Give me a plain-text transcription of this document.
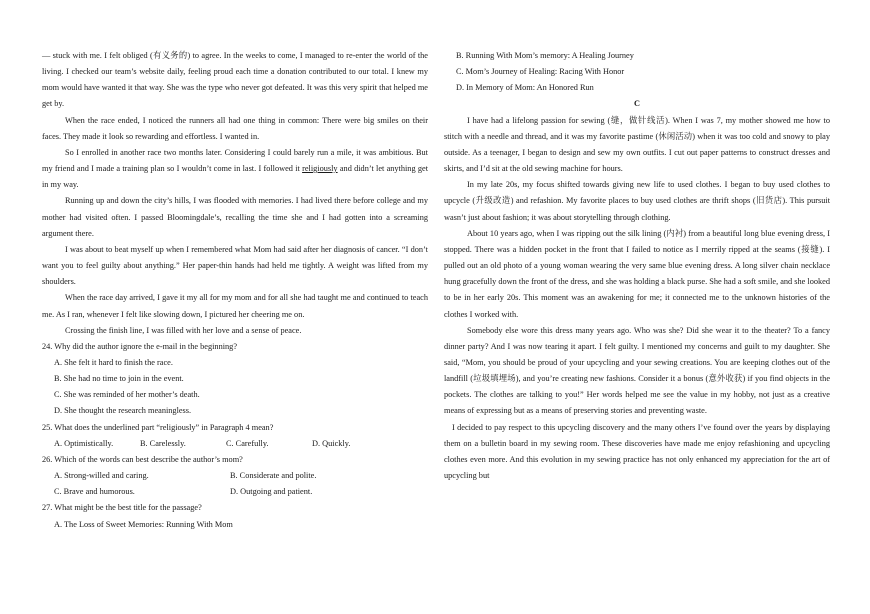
— stuck with me. I felt obliged (有义务的) to agree. In the weeks to come, I managed to re-enter the world of the living. I checked our team’s website daily, feeling proud each time a donation contributed to our total. I knew my mom would have wanted it that way. She was the type who never got defeated. It was this very spirit that helped me get by.

When the race ended, I noticed the runners all had one thing in common: There were big smiles on their faces. They made it look so rewarding and effortless. I wanted in.

So I enrolled in another race two months later. Considering I could barely run a mile, it was ambitious. But my friend and I made a training plan so I wouldn’t come in last. I followed it religiously and didn’t let anything get in my way.

Running up and down the city’s hills, I was flooded with memories. I had lived there before college and my mother had visited often. I passed Bloomingdale’s, recalling the time she and I had gotten into a screaming argument there.

I was about to beat myself up when I remembered what Mom had said after her diagnosis of cancer. “I don’t want you to feel guilty about anything.” Her paper-thin hands had held me tightly. A weight was lifted from my shoulders.

When the race day arrived, I gave it my all for my mom and for all she had taught me and continued to teach me. As I ran, whenever I felt like slowing down, I pictured her cheering me on.

Crossing the finish line, I was filled with her love and a sense of peace.

24. Why did the author ignore the e-mail in the beginning?

A. She felt it hard to finish the race.

B. She had no time to join in the event.

C. She was reminded of her mother’s death.

D. She thought the research meaningless.

25. What does the underlined part “religiously” in Paragraph 4 mean?

A. Optimistically.	B. Carelessly.	C. Carefully.	D. Quickly.

26. Which of the words can best describe the author’s mom?

A. Strong-willed and caring.	B. Considerate and polite.
C. Brave and humorous.	D. Outgoing and patient.

27. What might be the best title for the passage?

A. The Loss of Sweet Memories: Running With Mom

B. Running With Mom’s memory: A Healing Journey

C. Mom’s Journey of Healing: Racing With Honor

D. In Memory of Mom: An Honored Run

C

I have had a lifelong passion for sewing (缝，做针线活). When I was 7, my mother showed me how to stitch with a needle and thread, and it was my favorite pastime (休闲活动) when it was too cold and snowy to play outside. As a teenager, I began to design and sew my own outfits. I cut out paper patterns to construct dresses and skirts, and I’d sit at the old sewing machine for hours.

In my late 20s, my focus shifted towards giving new life to used clothes. I began to buy used clothes to upcycle (升级改造) and refashion. My favorite places to buy used clothes are thrift shops (旧货店). This pursuit wasn’t just about fashion; it was about storytelling through clothing.

About 10 years ago, when I was ripping out the silk lining (内衬) from a beautiful long blue evening dress, I stopped. There was a hidden pocket in the front that I failed to notice as I merrily ripped at the seams (接缝). I pulled out an old photo of a young woman wearing the very same blue evening dress. A long silver chain necklace hung gracefully down the front of the dress, and she was holding a black purse. She had a soft smile, and she looked to be in her early 20s. This moment was an awakening for me; it connected me to the unknown histories of the clothes I worked with.

Somebody else wore this dress many years ago. Who was she? Did she wear it to the theater? To a fancy dinner party? And I was now tearing it apart. I felt guilty. I mentioned my concerns and guilt to my daughter. She said, “Mom, you should be proud of your upcycling and your sewing creations. You are keeping clothes out of the landfill (垃圾填埋场), and you’re creating new fashions. Consider it a bonus (意外收获) if you find objects in the pockets. The clothes are talking to you!” Her words helped me see the value in my hobby, not just as a creative means of expressing but as a means of preserving stories and preventing waste.

I decided to pay respect to this upcycling discovery and the many others I’ve found over the years by displaying them on a bulletin board in my sewing room. These discoveries have made me enjoy refashioning and upcycling clothes even more. And this evolution in my sewing practice has not only enhanced my appreciation for the art of upcycling but
